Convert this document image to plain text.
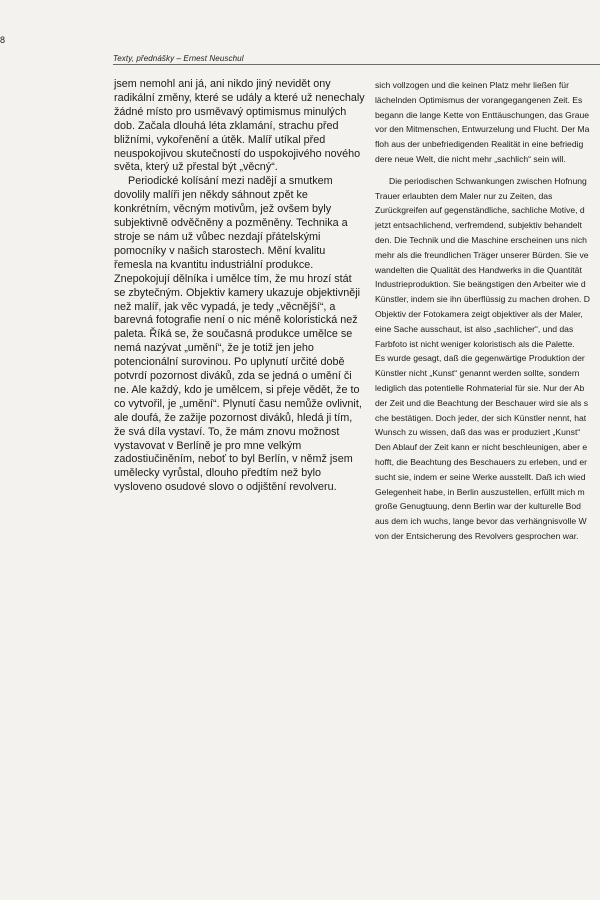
8
Texty, přednášky – Ernest Neuschul

jsem nemohl ani já, ani nikdo jiný nevidět ony radikální změny, které se udály a které už nenechaly žádné místo pro usměvavý optimismus minulých dob. Začala dlouhá léta zklamání, strachu před bližními, vykořenění a útěk. Malíř utíkal před neuspokojivou skutečností do uspokojivého nového světa, který už přestal být „věcný“.

Periodické kolísání mezi nadějí a smutkem dovolily malíři jen někdy sáhnout zpět ke konkrétním, věcným motivům, jež ovšem byly subjektivně odvěčněny a pozměněny. Technika a stroje se nám už vůbec nezdají přátelskými pomocníky v našich starostech. Mění kvalitu řemesla na kvantitu industriální produkce. Znepokojují dělníka i umělce tím, že mu hrozí stát se zbytečným. Objektiv kamery ukazuje objektivněji než malíř, jak věc vypadá, je tedy „věcnější“, a barevná fotografie není o nic méně koloristická než paleta. Říká se, že současná produkce umělce se nemá nazývat „umění“, že je totiž jen jeho potencionální surovinou. Po uplynutí určité době potvrdí pozornost diváků, zda se jedná o umění či ne. Ale každý, kdo je umělcem, si přeje vědět, že to co vytvořil, je „umění“. Plynutí času nemůže ovlivnit, ale doufá, že zažije pozornost diváků, hledá ji tím, že svá díla vystaví. To, že mám znovu možnost vystavovat v Berlíně je pro mne velkým zadostiučiněním, neboť to byl Berlín, v němž jsem umělecky vyrůstal, dlouho předtím než bylo vysloveno osudové slovo o odjištění revolveru.

sich vollzogen und die keinen Platz mehr ließen für
lächelnden Optimismus der vorangegangenen Zeit. Es
begann die lange Kette von Enttäuschungen, das Graue
vor den Mitmenschen, Entwurzelung und Flucht. Der Ma
floh aus der unbefriedigenden Realität in eine befriedig
dere neue Welt, die nicht mehr „sachlich“ sein will.
Die periodischen Schwankungen zwischen Hofnung
Trauer erlaubten dem Maler nur zu Zeiten, das
Zurückgreifen auf gegenständliche, sachliche Motive, d
jetzt entsachlichend, verfremdend, subjektiv behandelt
den. Die Technik und die Maschine erscheinen uns nich
mehr als die freundlichen Träger unserer Bürden. Sie ve
wandelten die Qualität des Handwerks in die Quantität
Industrieproduktion. Sie beängstigen den Arbeiter wie d
Künstler, indem sie ihn überflüssig zu machen drohen. D
Objektiv der Fotokamera zeigt objektiver als der Maler,
eine Sache ausschaut, ist also „sachlicher“, und das
Farbfoto ist nicht weniger koloristisch als die Palette.
Es wurde gesagt, daß die gegenwärtige Produktion der
Künstler nicht „Kunst“ genannt werden sollte, sondern
lediglich das potentielle Rohmaterial für sie. Nur der Ab
der Zeit und die Beachtung der Beschauer wird sie als s
che bestätigen. Doch jeder, der sich Künstler nennt, hat
Wunsch zu wissen, daß das was er produziert „Kunst“
Den Ablauf der Zeit kann er nicht beschleunigen, aber e
hofft, die Beachtung des Beschauers zu erleben, und er
sucht sie, indem er seine Werke ausstellt. Daß ich wied
Gelegenheit habe, in Berlin auszustellen, erfüllt mich m
große Genugtuung, denn Berlin war der kulturelle Bod
aus dem ich wuchs, lange bevor das verhängnisvolle W
von der Entsicherung des Revolvers gesprochen war.
